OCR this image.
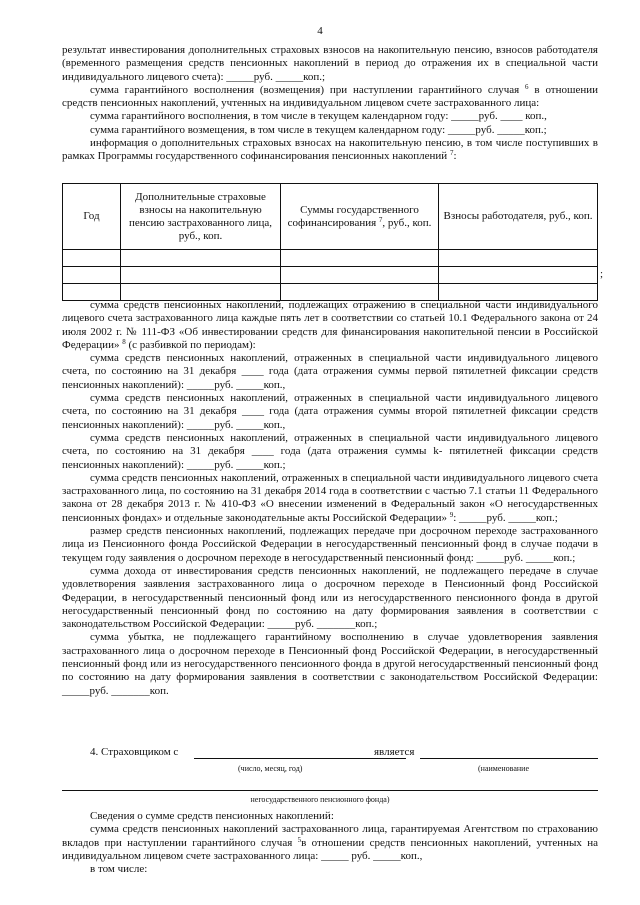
4

результат инвестирования дополнительных страховых взносов на накопительную пенсию, взносов работодателя (временного размещения средств пенсионных накоплений в период до отражения их в специальной части индивидуального лицевого счета): _____руб. _____коп.;

сумма гарантийного восполнения (возмещения) при наступлении гарантийного случая $^6$ в отношении средств пенсионных накоплений, учтенных на индивидуальном лицевом счете застрахованного лица:

сумма гарантийного восполнения, в том числе в текущем календарном году: _____руб. ____ коп.,

сумма гарантийного возмещения, в том числе в текущем календарном году: _____руб. _____коп.;

информация о дополнительных страховых взносах на накопительную пенсию, в том числе поступивших в рамках Программы государственного софинансирования пенсионных накоплений $^7$:

Год	Дополнительные страховые взносы на накопительную пенсию застрахованного лица, руб., коп.	Суммы государственного софинансирования $^7$, руб., коп.	Взносы работодателя, руб., коп.

;

сумма средств пенсионных накоплений, подлежащих отражению в специальной части индивидуального лицевого счета застрахованного лица каждые пять лет в соответствии со статьей 10.1 Федерального закона от 24 июля 2002 г. № 111-ФЗ «Об инвестировании средств для финансирования накопительной пенсии в Российской Федерации» $^8$ (с разбивкой по периодам):

сумма средств пенсионных накоплений, отраженных в специальной части индивидуального лицевого счета, по состоянию на 31 декабря ____ года (дата отражения суммы первой пятилетней фиксации средств пенсионных накоплений): _____руб. _____коп.,

сумма средств пенсионных накоплений, отраженных в специальной части индивидуального лицевого счета, по состоянию на 31 декабря ____ года (дата отражения суммы второй пятилетней фиксации средств пенсионных накоплений): _____руб. _____коп.,

сумма средств пенсионных накоплений, отраженных в специальной части индивидуального лицевого счета, по состоянию на 31 декабря ____ года (дата отражения суммы k- пятилетней фиксации средств пенсионных накоплений): _____руб. _____коп.;

сумма средств пенсионных накоплений, отраженных в специальной части индивидуального лицевого счета застрахованного лица, по состоянию на 31 декабря 2014 года в соответствии с частью 7.1 статьи 11 Федерального закона от 28 декабря 2013 г. № 410-ФЗ «О внесении изменений в Федеральный закон «О негосударственных пенсионных фондах» и отдельные законодательные акты Российской Федерации» $^9$: _____руб. _____коп.;

размер средств пенсионных накоплений, подлежащих передаче при досрочном переходе застрахованного лица из Пенсионного фонда Российской Федерации в негосударственный пенсионный фонд в случае подачи в текущем году заявления о досрочном переходе в негосударственный пенсионный фонд: _____руб. _____коп.;

сумма дохода от инвестирования средств пенсионных накоплений, не подлежащего передаче в случае удовлетворения заявления застрахованного лица о досрочном переходе в Пенсионный фонд Российской Федерации, в негосударственный пенсионный фонд или из негосударственного пенсионного фонда в другой негосударственный пенсионный фонд по состоянию на дату формирования заявления в соответствии с законодательством Российской Федерации: _____руб. _______коп.;

сумма убытка, не подлежащего гарантийному восполнению в случае удовлетворения заявления застрахованного лица о досрочном переходе в Пенсионный фонд Российской Федерации, в негосударственный пенсионный фонд или из негосударственного пенсионного фонда в другой негосударственный пенсионный фонд по состоянию на дату формирования заявления в соответствии с законодательством Российской Федерации: _____руб. _______коп.

4. Страховщиком с	является
(число, месяц, год)	(наименование
негосударственного пенсионного фонда)

Сведения о сумме средств пенсионных накоплений:

сумма средств пенсионных накоплений застрахованного лица, гарантируемая Агентством по страхованию вкладов при наступлении гарантийного случая $^5$в отношении средств пенсионных накоплений, учтенных на индивидуальном лицевом счете застрахованного лица: _____ руб. _____коп.,

в том числе:
